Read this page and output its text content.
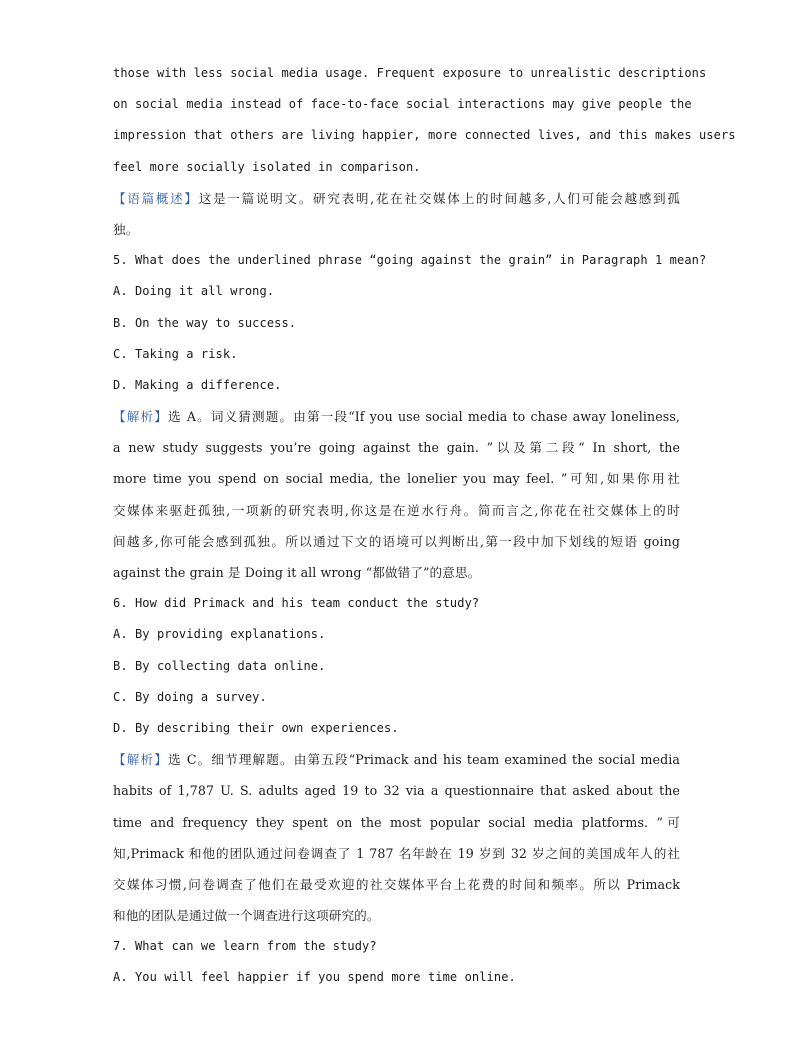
those with less social media usage. Frequent exposure to unrealistic descriptions
on social media instead of face-to-face social interactions may give people the
impression that others are living happier, more connected lives, and this makes users
feel more socially isolated in comparison.
【语篇概述】这是一篇说明文。研究表明,花在社交媒体上的时间越多,人们可能会越感到孤
独。
5. What does the underlined phrase “going against the grain” in Paragraph 1 mean?
A. Doing it all wrong.
B. On the way to success.
C. Taking a risk.
D. Making a difference.
【解析】选 A。词义猜测题。由第一段“If you use social media to chase away loneliness,
a new study suggests you’re going against the gain. ”以及第二段“ In short, the
more time you spend on social media, the lonelier you may feel. ”可知,如果你用社
交媒体来驱赶孤独,一项新的研究表明,你这是在逆水行舟。简而言之,你花在社交媒体上的时
间越多,你可能会感到孤独。所以通过下文的语境可以判断出,第一段中加下划线的短语 going
against the grain 是 Doing it all wrong “都做错了”的意思。
6. How did Primack and his team conduct the study?
A. By providing explanations.
B. By collecting data online.
C. By doing a survey.
D. By describing their own experiences.
【解析】选 C。细节理解题。由第五段“Primack and his team examined the social media
habits of 1,787 U. S. adults aged 19 to 32 via a questionnaire that asked about the
time and frequency they spent on the most popular social media platforms. ”可
知,Primack 和他的团队通过问卷调查了 1 787 名年龄在 19 岁到 32 岁之间的美国成年人的社
交媒体习惯,问卷调查了他们在最受欢迎的社交媒体平台上花费的时间和频率。所以 Primack
和他的团队是通过做一个调查进行这项研究的。
7. What can we learn from the study?
A. You will feel happier if you spend more time online.
